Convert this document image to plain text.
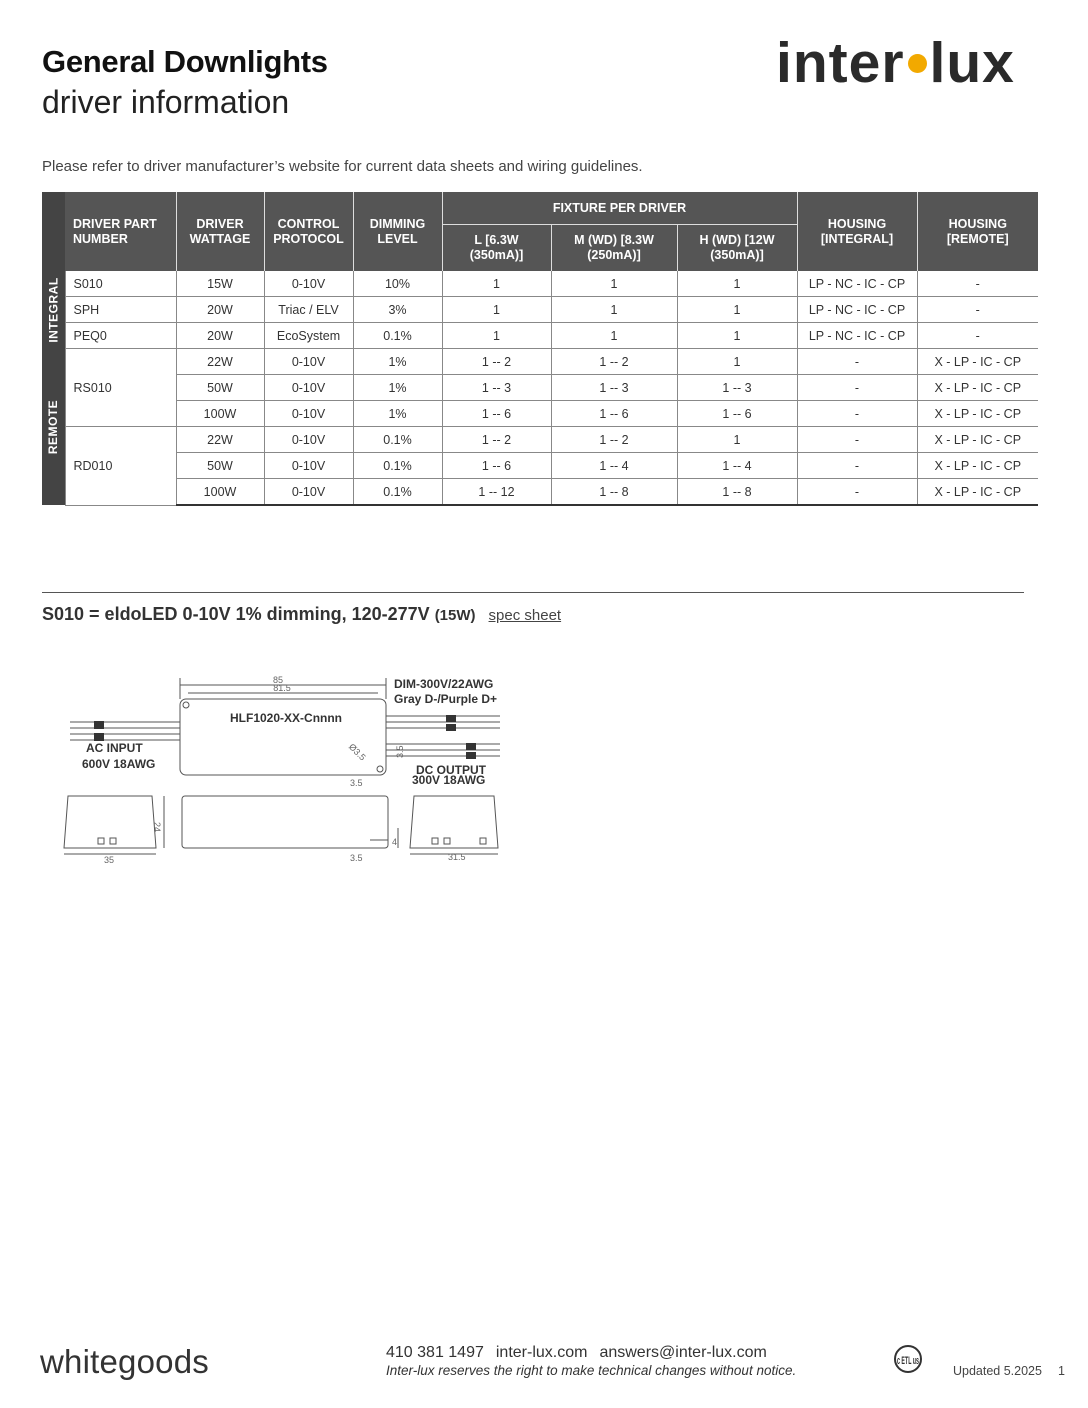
General Downlights
driver information
inter lux
Please refer to driver manufacturer’s website for current data sheets and wiring guidelines.
	DRIVER PART NUMBER	DRIVER WATTAGE	CONTROL PROTOCOL	DIMMING LEVEL	FIXTURE PER DRIVER			HOUSING [INTEGRAL]	HOUSING [REMOTE]
					L [6.3W (350mA)]	M (WD) [8.3W (250mA)]	H (WD) [12W (350mA)]		

INTEGRAL	S010	15W	0-10V	10%	1	1	1	LP - NC - IC - CP	-
	SPH	20W	Triac / ELV	3%	1	1	1	LP - NC - IC - CP	-
	PEQ0	20W	EcoSystem	0.1%	1	1	1	LP - NC - IC - CP	-

REMOTE	RS010	22W	0-10V	1%	1 -- 2	1 -- 2	1	-	X - LP - IC - CP
		50W	0-10V	1%	1 -- 3	1 -- 3	1 -- 3	-	X - LP - IC - CP
		100W	0-10V	1%	1 -- 6	1 -- 6	1 -- 6	-	X - LP - IC - CP
	RD010	22W	0-10V	0.1%	1 -- 2	1 -- 2	1	-	X - LP - IC - CP
		50W	0-10V	0.1%	1 -- 6	1 -- 4	1 -- 4	-	X - LP - IC - CP
		100W	0-10V	0.1%	1 -- 12	1 -- 8	1 -- 8	-	X - LP - IC - CP
S010 = eldoLED 0-10V 1% dimming, 120-277V (15W) spec sheet
85
81.5
AC INPUT
600V 18AWG
DIM-300V/22AWG
Gray D-/Purple D+
HLF1020-XX-Cnnnn
Ø3.5	3.5
3.5
DC OUTPUT
300V 18AWG
35
24
3.5
4
31.5
whitegoods	410 381 1497 inter-lux.com answers@inter-lux.com
Inter-lux reserves the right to make technical changes without notice.
c ETL us
Updated 5.2025 1
